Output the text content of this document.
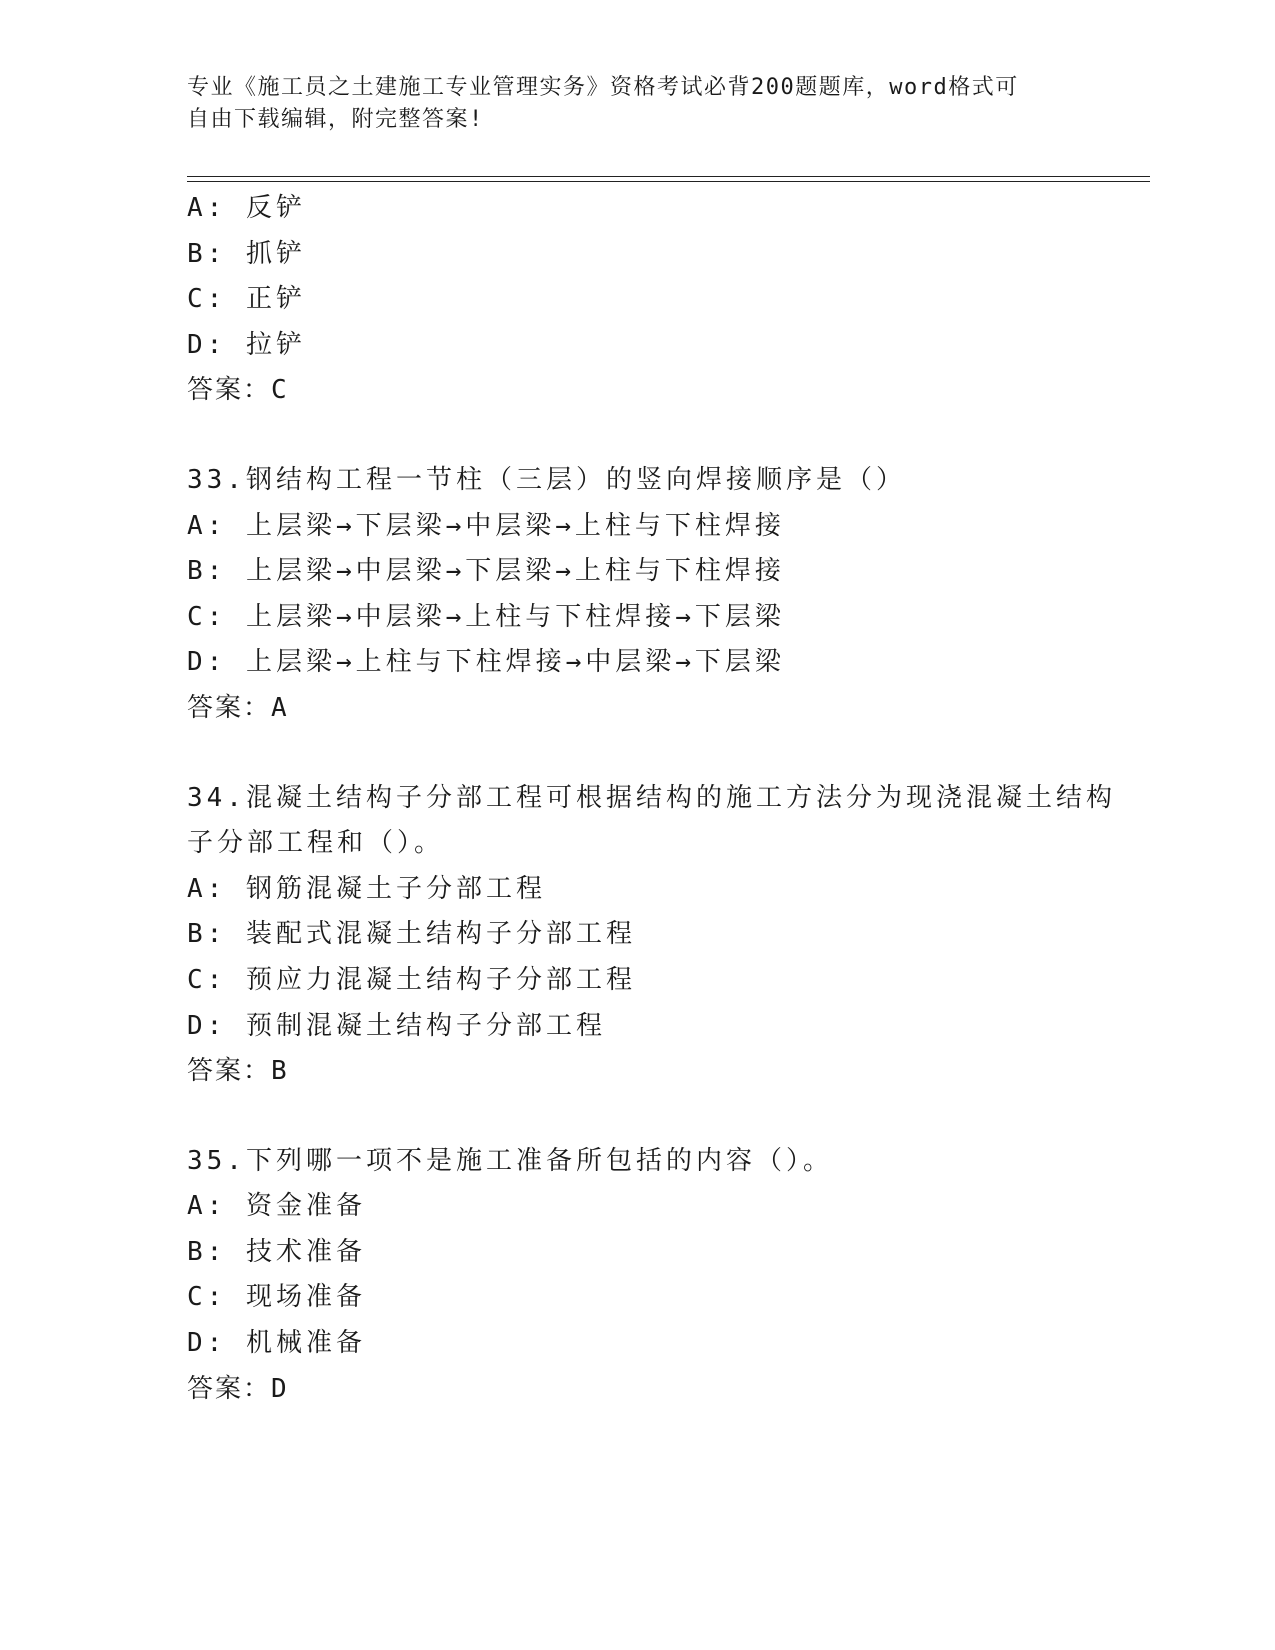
专业《施工员之土建施工专业管理实务》资格考试必背200题题库，word格式可
自由下载编辑，附完整答案!
A: 反铲
B: 抓铲
C: 正铲
D: 拉铲
答案：C
33.钢结构工程一节柱（三层）的竖向焊接顺序是（）
A: 上层梁→下层梁→中层梁→上柱与下柱焊接
B: 上层梁→中层梁→下层梁→上柱与下柱焊接
C: 上层梁→中层梁→上柱与下柱焊接→下层梁
D: 上层梁→上柱与下柱焊接→中层梁→下层梁
答案：A
34.混凝土结构子分部工程可根据结构的施工方法分为现浇混凝土结构
子分部工程和（）。
A: 钢筋混凝土子分部工程
B: 装配式混凝土结构子分部工程
C: 预应力混凝土结构子分部工程
D: 预制混凝土结构子分部工程
答案：B
35.下列哪一项不是施工准备所包括的内容（）。
A: 资金准备
B: 技术准备
C: 现场准备
D: 机械准备
答案：D
